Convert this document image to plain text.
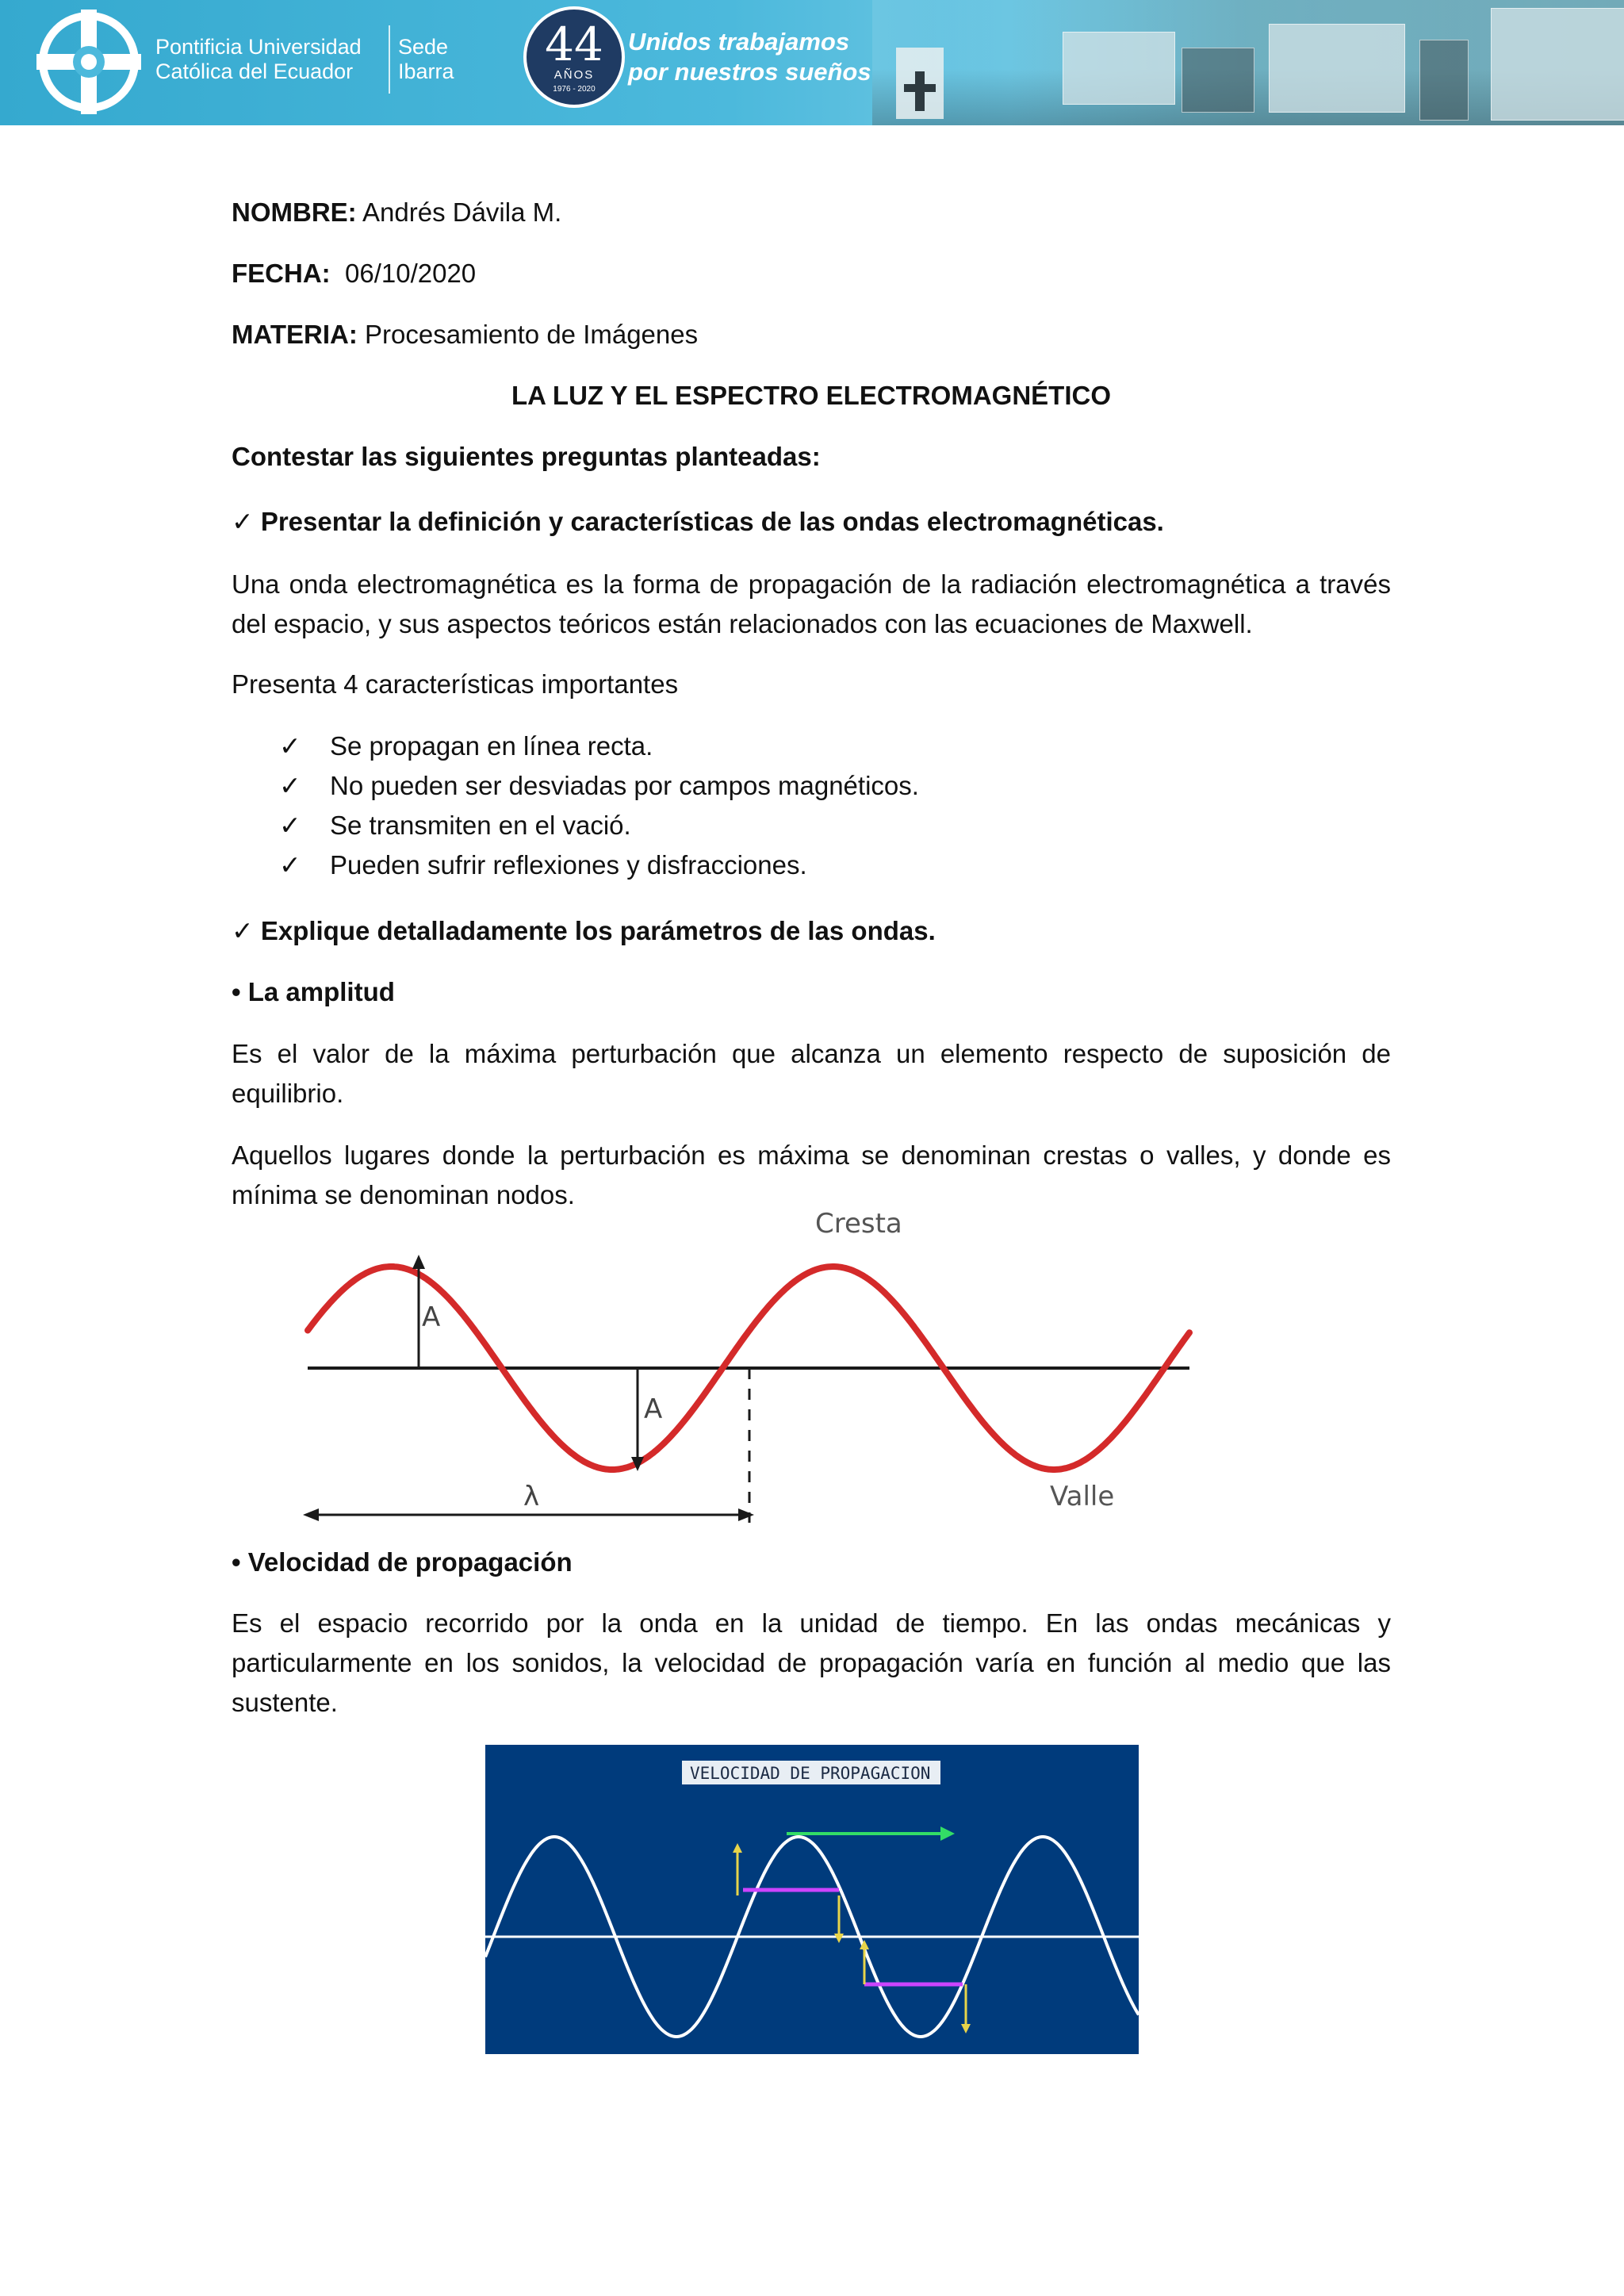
Pontificia Universidad
Católica del Ecuador
Sede
Ibarra	44
AÑOS
1976 - 2020
Unidos trabajamos
por nuestros sueños
NOMBRE: Andrés Dávila M.
FECHA:  06/10/2020
MATERIA: Procesamiento de Imágenes
LA LUZ Y EL ESPECTRO ELECTROMAGNÉTICO
Contestar las siguientes preguntas planteadas:
✓ Presentar la definición y características de las ondas electromagnéticas.
Una onda electromagnética es la forma de propagación de la radiación electromagnética a través del espacio, y sus aspectos teóricos están relacionados con las ecuaciones de Maxwell.
Presenta 4 características importantes
✓	Se propagan en línea recta.
✓	No pueden ser desviadas por campos magnéticos.
✓	Se transmiten en el vació.
✓	Pueden sufrir reflexiones y disfracciones.
✓ Explique detalladamente los parámetros de las ondas.
• La amplitud
Es el valor de la máxima perturbación que alcanza un elemento respecto de suposición de equilibrio.
Aquellos lugares donde la perturbación es máxima se denominan crestas o valles, y donde es mínima se denominan nodos.
A
A
λ
Cresta
Valle
• Velocidad de propagación
Es el espacio recorrido por la onda en la unidad de tiempo. En las ondas mecánicas y particularmente en los sonidos, la velocidad de propagación varía en función al medio que las sustente.
VELOCIDAD DE PROPAGACION
